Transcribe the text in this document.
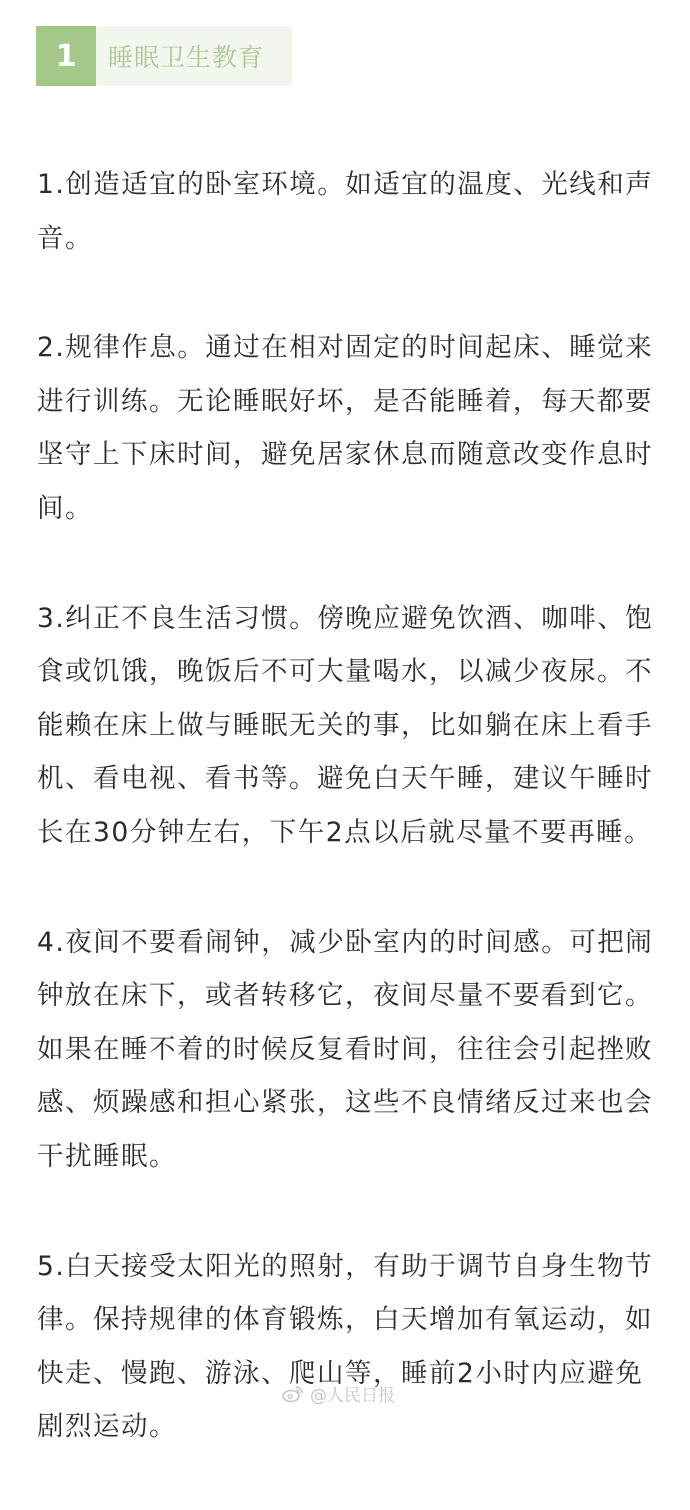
1	睡眠卫生教育

1.创造适宜的卧室环境。如适宜的温度、光线和声音。

2.规律作息。通过在相对固定的时间起床、睡觉来进行训练。无论睡眠好坏，是否能睡着，每天都要坚守上下床时间，避免居家休息而随意改变作息时间。

3.纠正不良生活习惯。傍晚应避免饮酒、咖啡、饱食或饥饿，晚饭后不可大量喝水，以减少夜尿。不能赖在床上做与睡眠无关的事，比如躺在床上看手机、看电视、看书等。避免白天午睡，建议午睡时长在30分钟左右，下午2点以后就尽量不要再睡。

4.夜间不要看闹钟，减少卧室内的时间感。可把闹钟放在床下，或者转移它，夜间尽量不要看到它。如果在睡不着的时候反复看时间，往往会引起挫败感、烦躁感和担心紧张，这些不良情绪反过来也会干扰睡眠。

5.白天接受太阳光的照射，有助于调节自身生物节律。保持规律的体育锻炼，白天增加有氧运动，如快走、慢跑、游泳、爬山等，睡前2小时内应避免剧烈运动。

@人民日报
